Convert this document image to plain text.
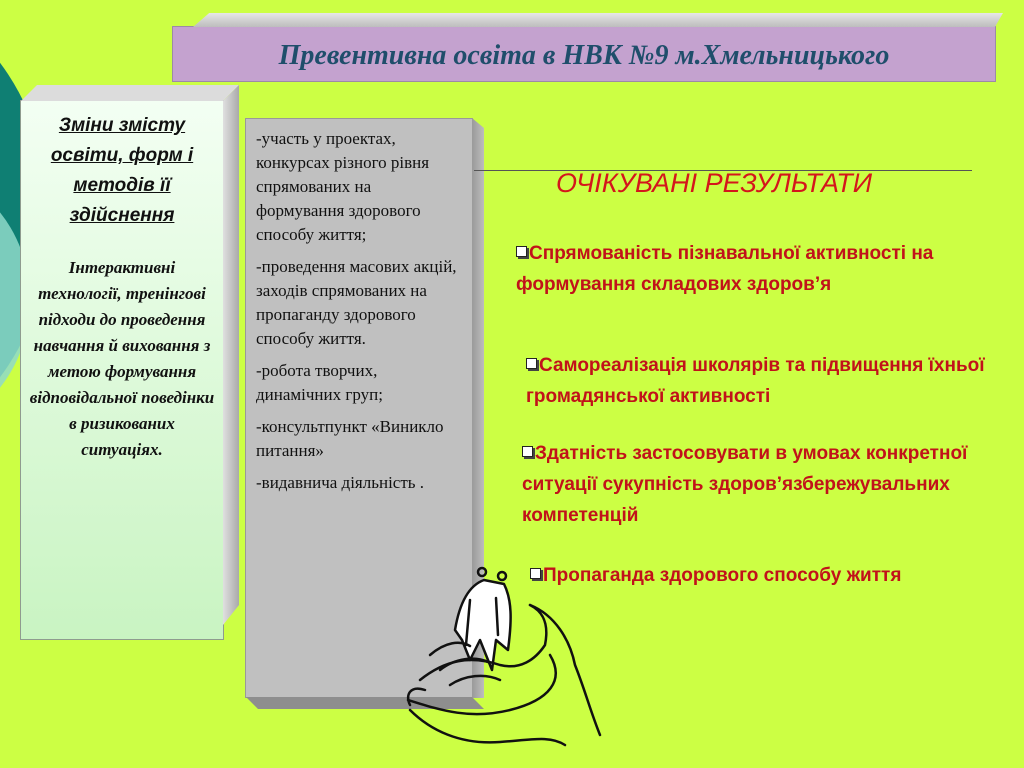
Превентивна освіта в НВК №9 м.Хмельницького
Зміни змісту освіти, форм і методів її здійснення
Інтерактивні технології, тренінгові підходи до проведення навчання й виховання з метою формування відповідальної поведінки в ризикованих ситуаціях.
-участь у проектах, конкурсах різного рівня спрямованих на формування здорового способу життя;
-проведення масових акцій, заходів спрямованих на пропаганду здорового способу життя.
-робота творчих, динамічних груп;
-консультпункт «Виникло питання»
-видавнича діяльність .
ОЧІКУВАНІ РЕЗУЛЬТАТИ
Спрямованість пізнавальної активності на формування складових здоров’я
Самореалізація школярів та підвищення їхньої громадянської активності
Здатність застосовувати в умовах конкретної ситуації сукупність здоров’язбережувальних компетенцій
Пропаганда здорового способу життя
